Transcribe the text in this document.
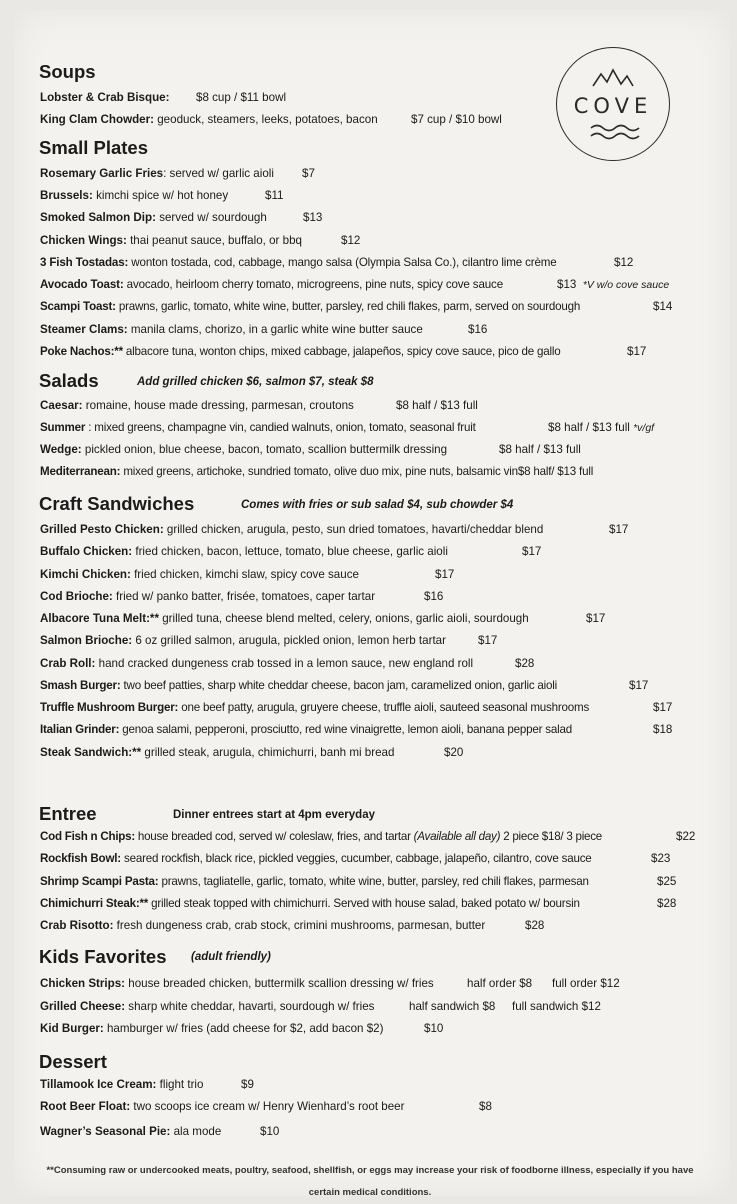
COVE
Soups
Lobster & Crab Bisque: $8 cup / $11 bowl
King Clam Chowder: geoduck, steamers, leeks, potatoes, bacon	$7 cup / $10 bowl
Small Plates
Rosemary Garlic Fries: served w/ garlic aioli $7
Brussels: kimchi spice w/ hot honey	$11
Smoked Salmon Dip: served w/ sourdough	$13
Chicken Wings: thai peanut sauce, buffalo, or bbq	$12
3 Fish Tostadas: wonton tostada, cod, cabbage, mango salsa (Olympia Salsa Co.), cilantro lime crème	$12
Avocado Toast: avocado, heirloom cherry tomato, microgreens, pine nuts, spicy cove sauce	$13 *V w/o cove sauce
Scampi Toast: prawns, garlic, tomato, white wine, butter, parsley, red chili flakes, parm, served on sourdough	$14
Steamer Clams: manila clams, chorizo, in a garlic white wine butter sauce	$16
Poke Nachos:** albacore tuna, wonton chips, mixed cabbage, jalapeños, spicy cove sauce, pico de gallo	$17
Salads	Add grilled chicken $6, salmon $7, steak $8
Caesar: romaine, house made dressing, parmesan, croutons	$8 half / $13 full
Summer : mixed greens, champagne vin, candied walnuts, onion, tomato, seasonal fruit	$8 half / $13 full *v/gf
Wedge: pickled onion, blue cheese, bacon, tomato, scallion buttermilk dressing	$8 half / $13 full
Mediterranean: mixed greens, artichoke, sundried tomato, olive duo mix, pine nuts, balsamic vin$8 half/ $13 full
Craft Sandwiches	Comes with fries or sub salad $4, sub chowder $4
Grilled Pesto Chicken: grilled chicken, arugula, pesto, sun dried tomatoes, havarti/cheddar blend	$17
Buffalo Chicken: fried chicken, bacon, lettuce, tomato, blue cheese, garlic aioli	$17
Kimchi Chicken: fried chicken, kimchi slaw, spicy cove sauce	$17
Cod Brioche: fried w/ panko batter, frisée, tomatoes, caper tartar	$16
Albacore Tuna Melt:** grilled tuna, cheese blend melted, celery, onions, garlic aioli, sourdough	$17
Salmon Brioche: 6 oz grilled salmon, arugula, pickled onion, lemon herb tartar	$17
Crab Roll: hand cracked dungeness crab tossed in a lemon sauce, new england roll	$28
Smash Burger: two beef patties, sharp white cheddar cheese, bacon jam, caramelized onion, garlic aioli	$17
Truffle Mushroom Burger: one beef patty, arugula, gruyere cheese, truffle aioli, sauteed seasonal mushrooms	$17
Italian Grinder: genoa salami, pepperoni, prosciutto, red wine vinaigrette, lemon aioli, banana pepper salad	$18
Steak Sandwich:** grilled steak, arugula, chimichurri, banh mi bread	$20
Entree	Dinner entrees start at 4pm everyday
Cod Fish n Chips: house breaded cod, served w/ coleslaw, fries, and tartar (Available all day) 2 piece $18/ 3 piece	$22
Rockfish Bowl: seared rockfish, black rice, pickled veggies, cucumber, cabbage, jalapeño, cilantro, cove sauce	$23
Shrimp Scampi Pasta: prawns, tagliatelle, garlic, tomato, white wine, butter, parsley, red chili flakes, parmesan	$25
Chimichurri Steak:** grilled steak topped with chimichurri. Served with house salad, baked potato w/ boursin	$28
Crab Risotto: fresh dungeness crab, crab stock, crimini mushrooms, parmesan, butter	$28
Kids Favorites (adult friendly)
Chicken Strips: house breaded chicken, buttermilk scallion dressing w/ fries	half order $8 full order $12
Grilled Cheese: sharp white cheddar, havarti, sourdough w/ fries	half sandwich $8 full sandwich $12
Kid Burger: hamburger w/ fries (add cheese for $2, add bacon $2)	$10
Dessert
Tillamook Ice Cream: flight trio	$9
Root Beer Float: two scoops ice cream w/ Henry Wienhard’s root beer	$8
Wagner’s Seasonal Pie: ala mode	$10
**Consuming raw or undercooked meats, poultry, seafood, shellfish, or eggs may increase your risk of foodborne illness, especially if you have
certain medical conditions.
